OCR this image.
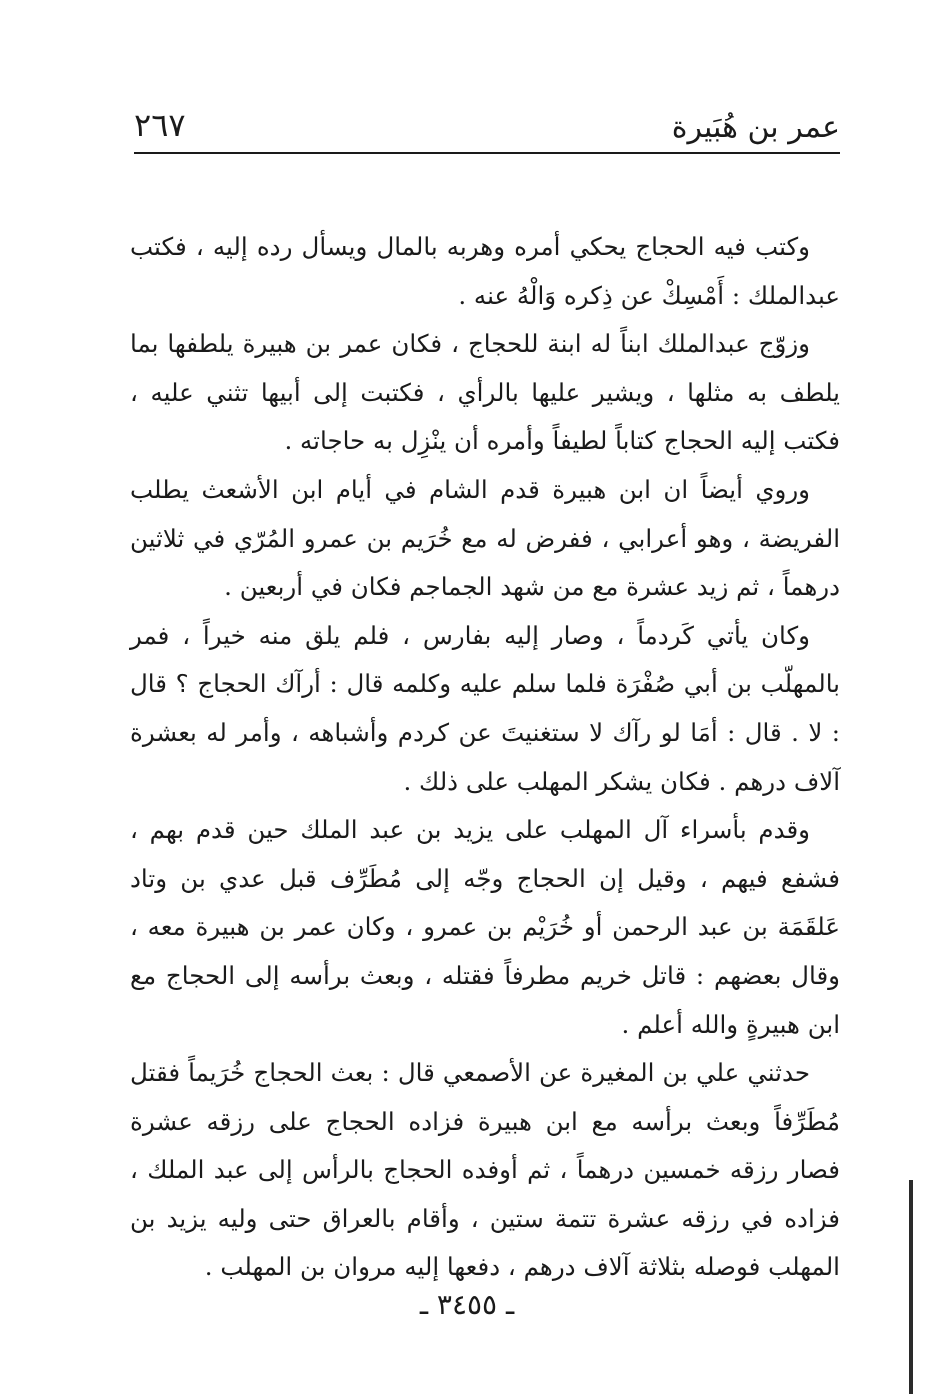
عمر بن هُبَيرة
٢٦٧

وكتب فيه الحجاج يحكي أمره وهربه بالمال ويسأل رده إليه ، فكتب عبدالملك : أَمْسِكْ عن ذِكره وَالْهُ عنه .

وزوّج عبدالملك ابناً له ابنة للحجاج ، فكان عمر بن هبيرة يلطفها بما يلطف به مثلها ، ويشير عليها بالرأي ، فكتبت إلى أبيها تثني عليه ، فكتب إليه الحجاج كتاباً لطيفاً وأمره أن ينْزِل به حاجاته .

وروي أيضاً ان ابن هبيرة قدم الشام في أيام ابن الأشعث يطلب الفريضة ، وهو أعرابي ، ففرض له مع خُرَيم بن عمرو المُرّي في ثلاثين درهماً ، ثم زيد عشرة مع من شهد الجماجم فكان في أربعين .

وكان يأتي كَردماً ، وصار إليه بفارس ، فلم يلق منه خيراً ، فمر بالمهلّب بن أبي صُفْرَة فلما سلم عليه وكلمه قال : أرآك الحجاج ؟ قال : لا . قال : أمَا لو رآك لا ستغنيتَ عن كردم وأشباهه ، وأمر له بعشرة آلاف درهم . فكان يشكر المهلب على ذلك .

وقدم بأسراء آل المهلب على يزيد بن عبد الملك حين قدم بهم ، فشفع فيهم ، وقيل إن الحجاج وجّه إلى مُطَرِّف قبل عدي بن وتاد عَلقَمَة بن عبد الرحمن أو خُرَيْم بن عمرو ، وكان عمر بن هبيرة معه ، وقال بعضهم : قاتل خريم مطرفاً فقتله ، وبعث برأسه إلى الحجاج مع ابن هبيرةٍ والله أعلم .

حدثني علي بن المغيرة عن الأصمعي قال : بعث الحجاج خُرَيماً فقتل مُطَرِّفاً وبعث برأسه مع ابن هبيرة فزاده الحجاج على رزقه عشرة فصار رزقه خمسين درهماً ، ثم أوفده الحجاج بالرأس إلى عبد الملك ، فزاده في رزقه عشرة تتمة ستين ، وأقام بالعراق حتى وليه يزيد بن المهلب فوصله بثلاثة آلاف درهم ، دفعها إليه مروان بن المهلب .

ـ ٣٤٥٥ ـ
